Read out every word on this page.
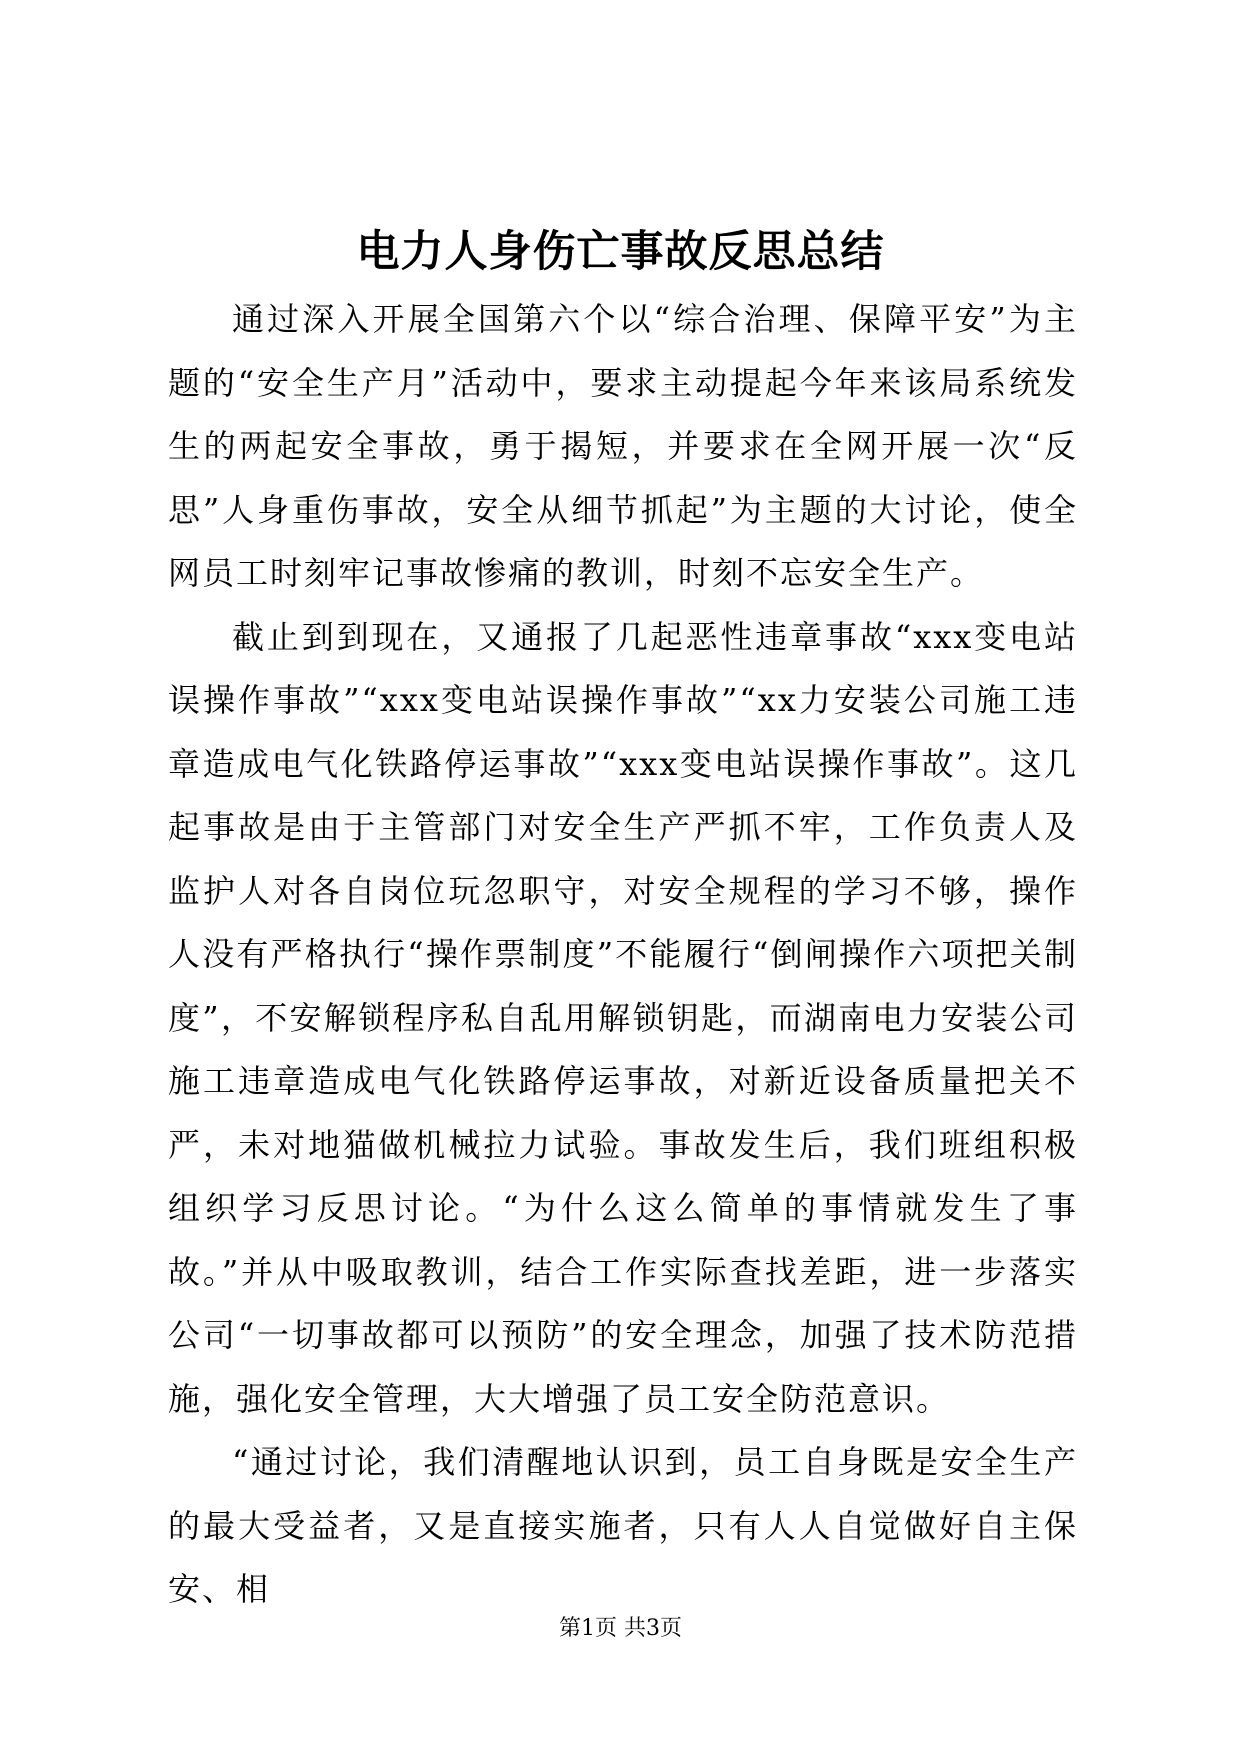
电力人身伤亡事故反思总结

通过深入开展全国第六个以“综合治理、保障平安”为主题的“安全生产月”活动中，要求主动提起今年来该局系统发生的两起安全事故，勇于揭短，并要求在全网开展一次“反思”人身重伤事故，安全从细节抓起”为主题的大讨论，使全网员工时刻牢记事故惨痛的教训，时刻不忘安全生产。

截止到到现在，又通报了几起恶性违章事故“xxx变电站误操作事故”“xxx变电站误操作事故”“xx力安装公司施工违章造成电气化铁路停运事故”“xxx变电站误操作事故”。这几起事故是由于主管部门对安全生产严抓不牢，工作负责人及监护人对各自岗位玩忽职守，对安全规程的学习不够，操作人没有严格执行“操作票制度”不能履行“倒闸操作六项把关制度”，不安解锁程序私自乱用解锁钥匙，而湖南电力安装公司施工违章造成电气化铁路停运事故，对新近设备质量把关不严，未对地猫做机械拉力试验。事故发生后，我们班组积极组织学习反思讨论。“为什么这么简单的事情就发生了事故。”并从中吸取教训，结合工作实际查找差距，进一步落实公司“一切事故都可以预防”的安全理念，加强了技术防范措施，强化安全管理，大大增强了员工安全防范意识。

“通过讨论，我们清醒地认识到，员工自身既是安全生产的最大受益者，又是直接实施者，只有人人自觉做好自主保安、相

第1页 共3页
